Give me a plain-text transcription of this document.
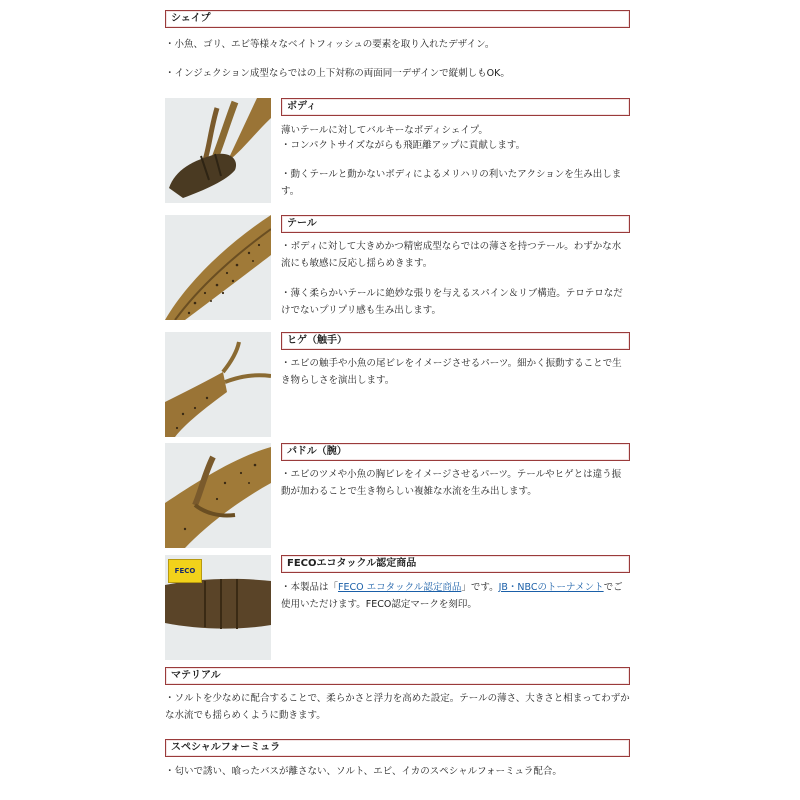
シェイプ
・小魚、ゴリ、エビ等様々なベイトフィッシュの要素を取り入れたデザイン。
・インジェクション成型ならではの上下対称の両面同一デザインで縦刺しもOK。
ボディ
薄いテールに対してバルキーなボディシェイプ。
・コンパクトサイズながらも飛距離アップに貢献します。
・動くテールと動かないボディによるメリハリの利いたアクションを生み出します。
テール
・ボディに対して大きめかつ精密成型ならではの薄さを持つテール。わずかな水流にも敏感に反応し揺らめきます。
・薄く柔らかいテールに絶妙な張りを与えるスパイン＆リブ構造。テロテロなだけでないプリプリ感も生み出します。
ヒゲ（触手）
・エビの触手や小魚の尾ビレをイメージさせるパーツ。細かく振動することで生き物らしさを演出します。
パドル（腕）
・エビのツメや小魚の胸ビレをイメージさせるパーツ。テールやヒゲとは違う振動が加わることで生き物らしい複雑な水流を生み出します。
FECO
FECOエコタックル認定商品
・本製品は「FECO エコタックル認定商品」です。JB・NBCのトーナメントでご使用いただけます。FECO認定マークを刻印。
マテリアル
・ソルトを少なめに配合することで、柔らかさと浮力を高めた設定。テールの薄さ、大きさと相まってわずかな水流でも揺らめくように動きます。
スペシャルフォーミュラ
・匂いで誘い、喰ったバスが離さない、ソルト、エビ、イカのスペシャルフォーミュラ配合。
